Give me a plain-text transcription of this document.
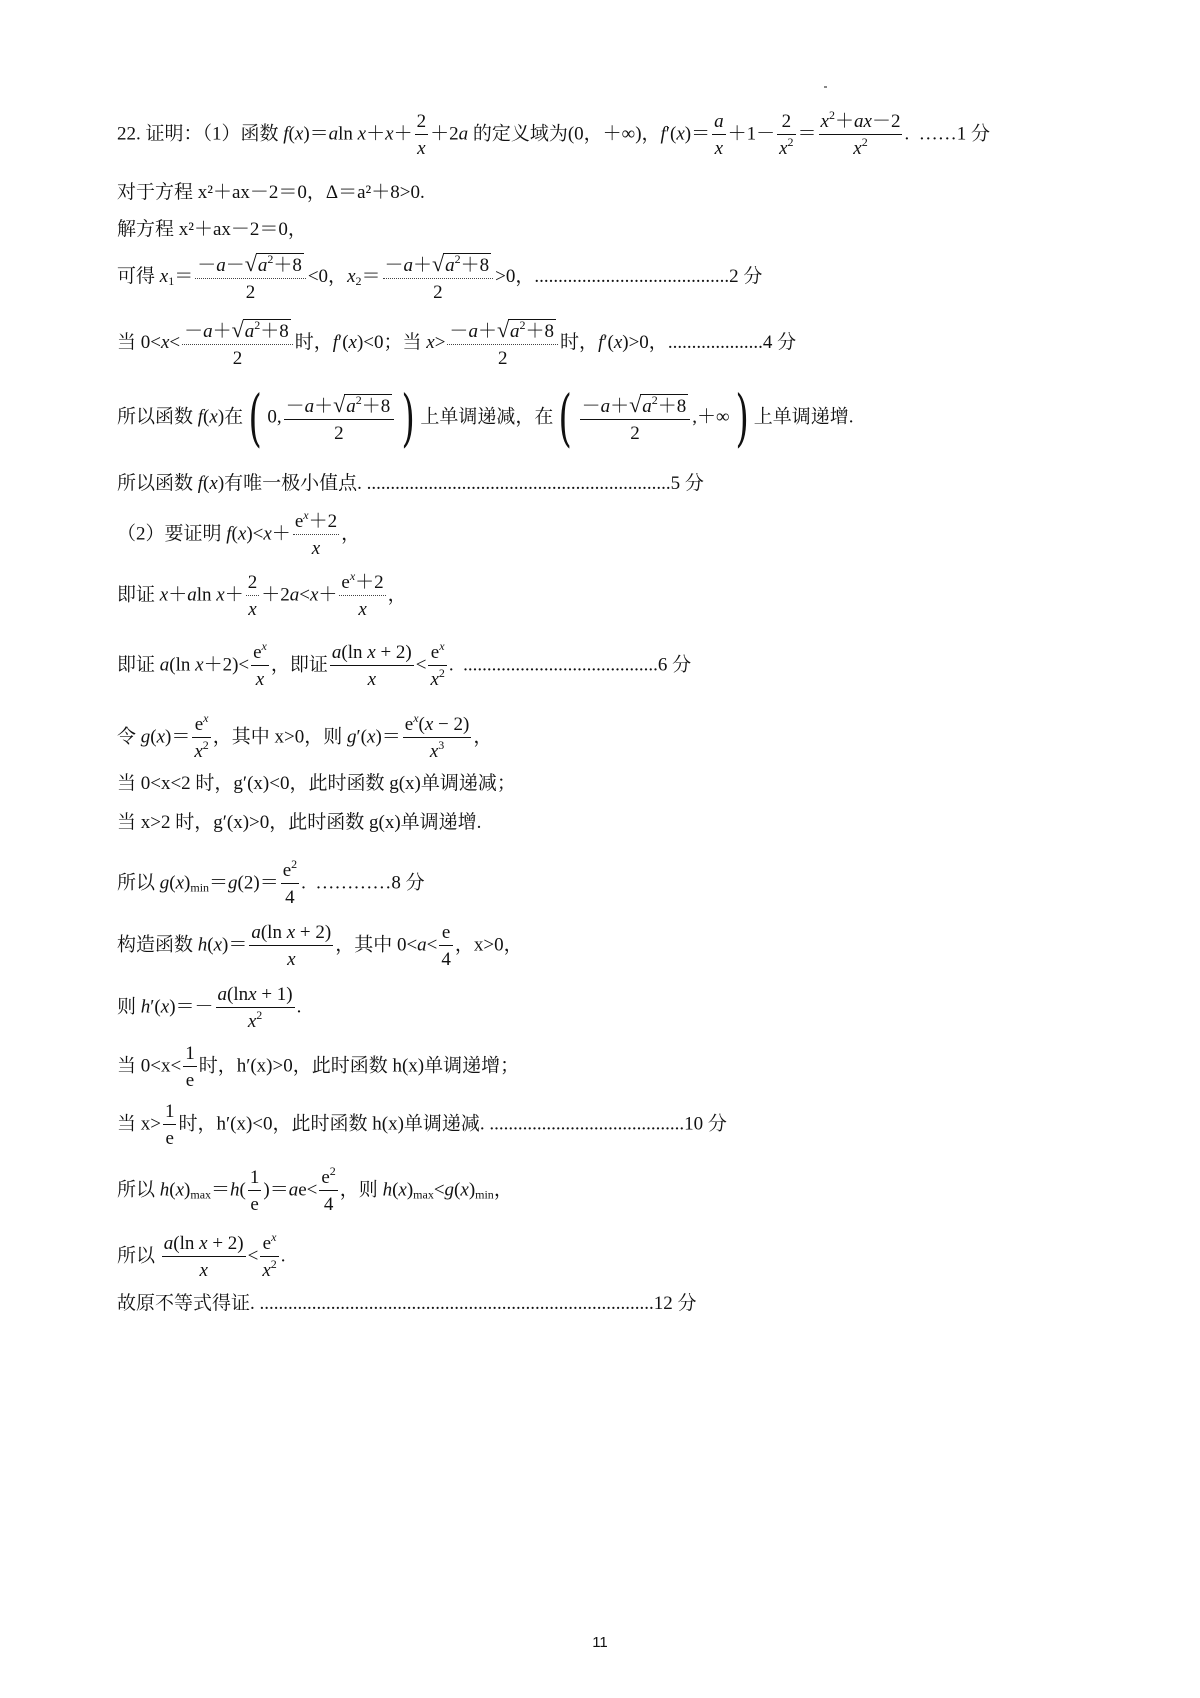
22. 证明：（1）函数 f(x)＝aln $x+x+ \frac{2}{x} +2a$ 的定义域为(0，＋∞)，$f'(x)= \frac{a}{x} +1- \frac{2}{x^2} = \frac{x^2+ax-2}{x^2}$ .  ……1 分
对于方程 x²＋ax－2＝0，Δ＝a²＋8>0.
解方程 x²＋ax－2＝0，
可得 $x_1= \frac{-a-√a^2+8}{2} <0$，$x_2= \frac{-a+√a^2+8}{2} >0$，.........................................2 分
当 $0<x< \frac{-a+√a^2+8}{2}$ 时，f′(x)<0；当 $x> \frac{-a+√a^2+8}{2}$ 时，f′(x)>0，....................4 分
所以函数 f(x)在( 0, $\frac{-a+√a^2+8}{2}$ ) 上单调递减，在( $\frac{-a+√a^2+8}{2}$ ,＋∞) 上单调递增.
所以函数 f(x)有唯一极小值点. ................................................................5 分
（2）要证明 $f(x)<x+ \frac{e^x+2}{x}$ ，
即证 x＋aln $x+ \frac{2}{x} +2a<x+ \frac{e^x+2}{x}$ ，
即证 a(ln $x+2)< \frac{e^x}{x}$ ，即证 $\frac{\text{a(ln x + 2)}}{x} < \frac{e^x}{x^2}$ .  .........................................6 分
令 $g(x)= \frac{e^x}{x^2}$ ，其中 x>0，则 $g'(x)= \frac{e^x(x - 2)}{x^3}$ ，
当 0<x<2 时，g′(x)<0，此时函数 g(x)单调递减；
当 x>2 时，g′(x)>0，此时函数 g(x)单调递增.
所以 $g(x)_{min}=g(2)= \frac{e^2}{4}$ .  …………8 分
构造函数 $h(x)= \frac{\text{a(ln x + 2)}}{x}$ ，其中 $0<a< \frac{e}{4}$ ，x>0，
则 $h'(x)=- \frac{a(\ln x + 1)}{x^2}$ .
当 $0<x< \frac{1}{e}$ 时，h′(x)>0，此时函数 h(x)单调递增；
当 $x> \frac{1}{e}$ 时，h′(x)<0，此时函数 h(x)单调递减. .........................................10 分
所以 $h(x)_{max}=h( \frac{1}{e} )=ae< \frac{e^2}{4}$ ，则 $h(x)_{max}<g(x)_{min}$，
所以 $\frac{\text{a(ln x + 2)}}{x} < \frac{e^x}{x^2}$ .
故原不等式得证. ...................................................................................12 分
11
